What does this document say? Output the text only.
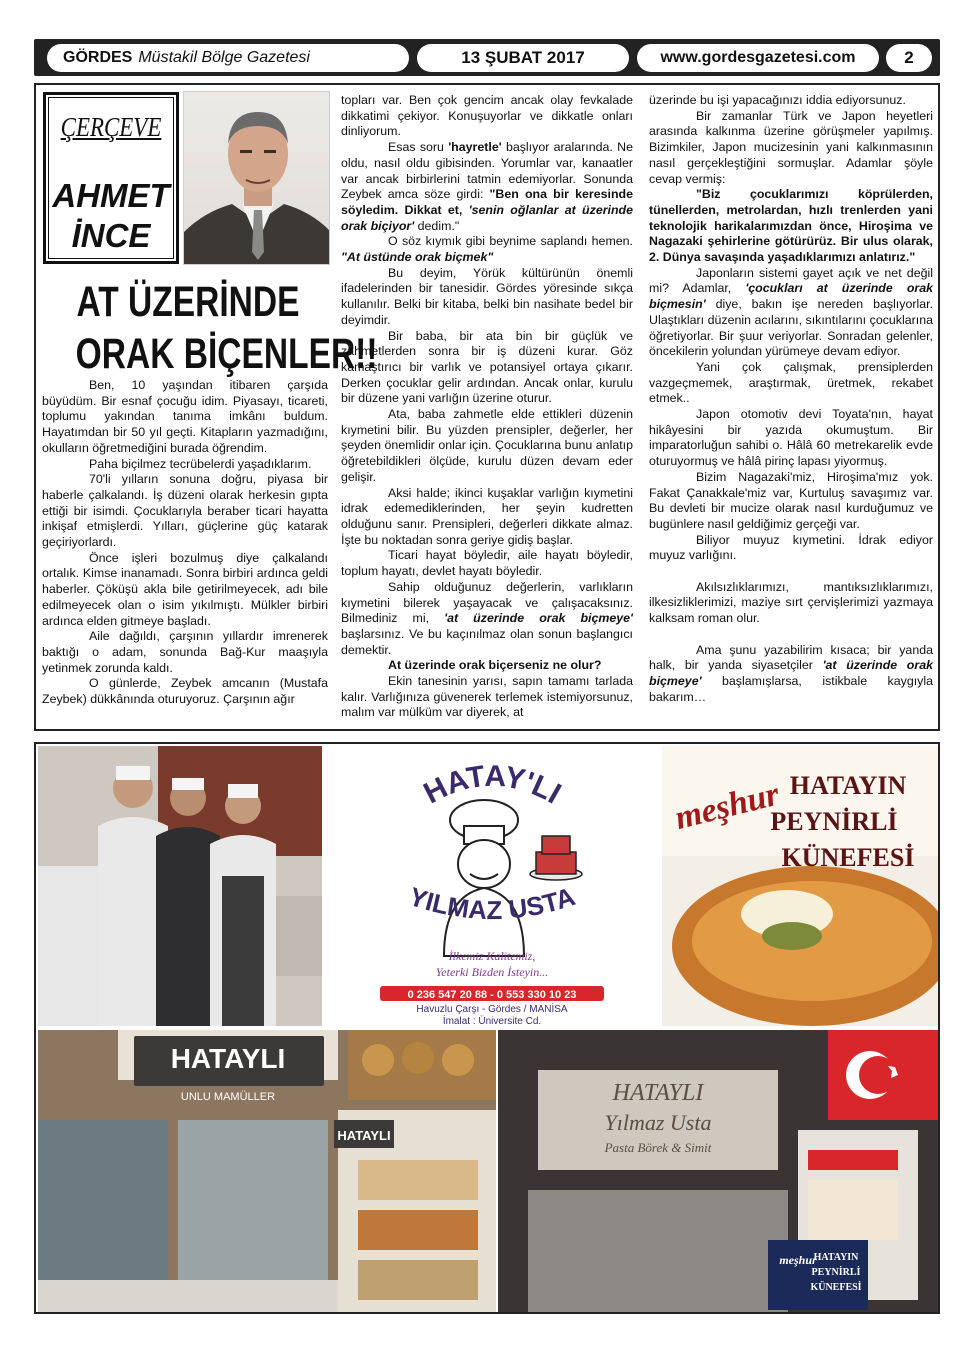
GÖRDES Müstakil Bölge Gazetesi	13 ŞUBAT 2017	www.gordesgazetesi.com	2
ÇERÇEVE
AHMET
İNCE
AT ÜZERİNDE
ORAK BİÇENLER!!

Ben, 10 yaşından itibaren çarşıda büyüdüm. Bir esnaf çocuğu idim. Piyasayı, ticareti, toplumu yakından tanıma imkânı buldum. Hayatımdan bir 50 yıl geçti. Kitapların yazmadığını, okulların öğretmediğini burada öğrendim.

Paha biçilmez tecrübelerdi yaşadıklarım.

70'li yılların sonuna doğru, piyasa bir haberle çalkalandı. İş düzeni olarak herkesin gıpta ettiği bir isimdi. Çocuklarıyla beraber ticari hayatta inkişaf etmişlerdi. Yılları, güçlerine güç katarak geçiriyorlardı.

Önce işleri bozulmuş diye çalkalandı ortalık. Kimse inanamadı. Sonra birbiri ardınca geldi haberler. Çöküşü akla bile getirilmeyecek, adı bile edilmeyecek olan o isim yıkılmıştı. Mülkler birbiri ardınca elden gitmeye başladı.

Aile dağıldı, çarşının yıllardır imrenerek baktığı o adam, sonunda Bağ-Kur maaşıyla yetinmek zorunda kaldı.

O günlerde, Zeybek amcanın (Mustafa Zeybek) dükkânında oturuyoruz. Çarşının ağır

topları var. Ben çok gencim ancak olay fevkalade dikkatimi çekiyor. Konuşuyorlar ve dikkatle onları dinliyorum.

Esas soru 'hayretle' başlıyor aralarında. Ne oldu, nasıl oldu gibisinden. Yorumlar var, kanaatler var ancak birbirlerini tatmin edemiyorlar. Sonunda Zeybek amca söze girdi: "Ben ona bir keresinde söyledim. Dikkat et, 'senin oğlanlar at üzerinde orak biçiyor' dedim."

O söz kıymık gibi beynime saplandı hemen. "At üstünde orak biçmek"

Bu deyim, Yörük kültürünün önemli ifadelerinden bir tanesidir. Gördes yöresinde sıkça kullanılır. Belki bir kitaba, belki bin nasihate bedel bir deyimdir.

Bir baba, bir ata bin bir güçlük ve zahmetlerden sonra bir iş düzeni kurar. Göz kamaştırıcı bir varlık ve potansiyel ortaya çıkarır. Derken çocuklar gelir ardından. Ancak onlar, kurulu bir düzene yani varlığın üzerine oturur.

Ata, baba zahmetle elde ettikleri düzenin kıymetini bilir. Bu yüzden prensipler, değerler, her şeyden önemlidir onlar için. Çocuklarına bunu anlatıp öğretebildikleri ölçüde, kurulu düzen devam eder gelişir.

Aksi halde; ikinci kuşaklar varlığın kıymetini idrak edemediklerinden, her şeyin kudretten olduğunu sanır. Prensipleri, değerleri dikkate almaz. İşte bu noktadan sonra geriye gidiş başlar.

Ticari hayat böyledir, aile hayatı böyledir, toplum hayatı, devlet hayatı böyledir.

Sahip olduğunuz değerlerin, varlıkların kıymetini bilerek yaşayacak ve çalışacaksınız. Bilmediniz mi, 'at üzerinde orak biçmeye' başlarsınız. Ve bu kaçınılmaz olan sonun başlangıcı demektir.

At üzerinde orak biçerseniz ne olur?

Ekin tanesinin yarısı, sapın tamamı tarlada kalır. Varlığınıza güvenerek terlemek istemiyorsunuz, malım var mülküm var diyerek, at

üzerinde bu işi yapacağınızı iddia ediyorsunuz.

Bir zamanlar Türk ve Japon heyetleri arasında kalkınma üzerine görüşmeler yapılmış. Bizimkiler, Japon mucizesinin yani kalkınmasının nasıl gerçekleştiğini sormuşlar. Adamlar şöyle cevap vermiş:

"Biz çocuklarımızı köprülerden, tünellerden, metrolardan, hızlı trenlerden yani teknolojik harikalarımızdan önce, Hiroşima ve Nagazaki şehirlerine götürürüz. Bir ulus olarak, 2. Dünya savaşında yaşadıklarımızı anlatırız."

Japonların sistemi gayet açık ve net değil mi? Adamlar, 'çocukları at üzerinde orak biçmesin' diye, bakın işe nereden başlıyorlar. Ulaştıkları düzenin acılarını, sıkıntılarını çocuklarına öğretiyorlar. Bir şuur veriyorlar. Sonradan gelenler, öncekilerin yolundan yürümeye devam ediyor.

Yani çok çalışmak, prensiplerden vazgeçmemek, araştırmak, üretmek, rekabet etmek..

Japon otomotiv devi Toyata'nın, hayat hikâyesini bir yazıda okumuştum. Bir imparatorluğun sahibi o. Hâlâ 60 metrekarelik evde oturuyormuş ve hâlâ pirinç lapası yiyormuş.

Bizim Nagazaki'miz, Hiroşima'mız yok. Fakat Çanakkale'miz var, Kurtuluş savaşımız var. Bu devleti bir mucize olarak nasıl kurduğumuz ve bugünlere nasıl geldiğimiz gerçeği var.

Biliyor muyuz kıymetini. İdrak ediyor muyuz varlığını.

Akılsızlıklarımızı, mantıksızlıklarımızı, ilkesizliklerimizi, maziye sırt çervişlerimizi yazmaya kalksam roman olur.

Ama şunu yazabilirim kısaca; bir yanda halk, bir yanda siyasetçiler 'at üzerinde orak biçmeye' başlamışlarsa, istikbale kaygıyla bakarım…

HATAY'LI
YILMAZ USTA
İlkemiz Kalitemiz,
Yeterki Bizden İsteyin...
0 236 547 20 88 - 0 553 330 10 23
Havuzlu Çarşı - Gördes / MANİSA
İmalat : Üniversite Cd.
meşhur HATAYIN
PEYNİRLİ
KÜNEFESİ
HATAYLI
UNLU MAMÜLLER
HATAYLI
HATAYLI
Yılmaz Usta
Pasta Börek & Simit
meşhur
HATAYIN
PEYNİRLİ
KÜNEFESİ
